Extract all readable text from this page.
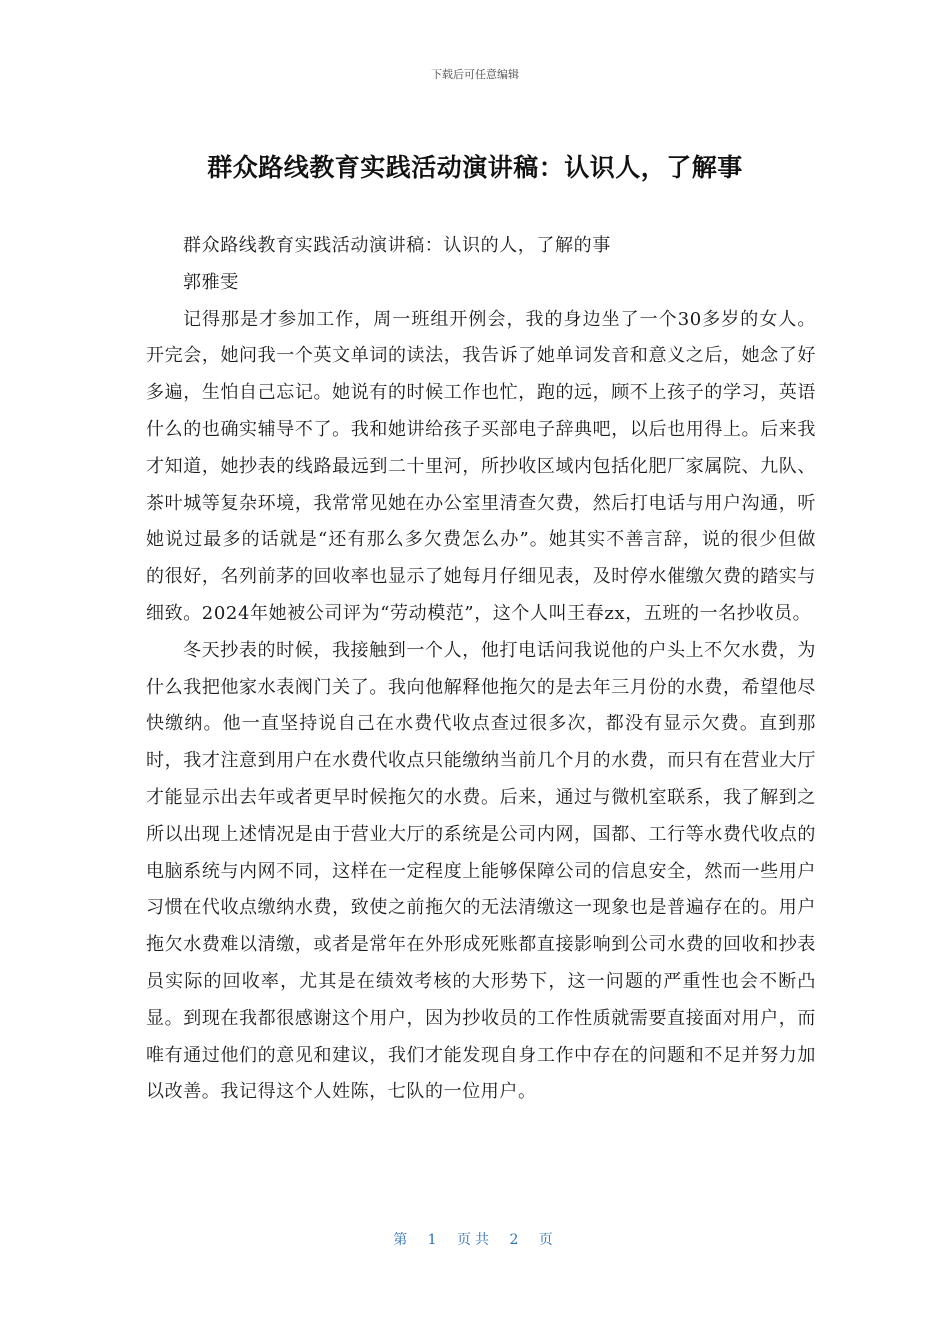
下载后可任意编辑
群众路线教育实践活动演讲稿：认识人，了解事

群众路线教育实践活动演讲稿：认识的人，了解的事

郭雅雯

记得那是才参加工作，周一班组开例会，我的身边坐了一个30多岁的女人。开完会，她问我一个英文单词的读法，我告诉了她单词发音和意义之后，她念了好多遍，生怕自己忘记。她说有的时候工作也忙，跑的远，顾不上孩子的学习，英语什么的也确实辅导不了。我和她讲给孩子买部电子辞典吧，以后也用得上。后来我才知道，她抄表的线路最远到二十里河，所抄收区域内包括化肥厂家属院、九队、茶叶城等复杂环境，我常常见她在办公室里清查欠费，然后打电话与用户沟通，听她说过最多的话就是“还有那么多欠费怎么办”。她其实不善言辞，说的很少但做的很好，名列前茅的回收率也显示了她每月仔细见表，及时停水催缴欠费的踏实与细致。2024年她被公司评为“劳动模范”，这个人叫王春zx，五班的一名抄收员。

冬天抄表的时候，我接触到一个人，他打电话问我说他的户头上不欠水费，为什么我把他家水表阀门关了。我向他解释他拖欠的是去年三月份的水费，希望他尽快缴纳。他一直坚持说自己在水费代收点查过很多次，都没有显示欠费。直到那时，我才注意到用户在水费代收点只能缴纳当前几个月的水费，而只有在营业大厅才能显示出去年或者更早时候拖欠的水费。后来，通过与微机室联系，我了解到之所以出现上述情况是由于营业大厅的系统是公司内网，国都、工行等水费代收点的电脑系统与内网不同，这样在一定程度上能够保障公司的信息安全，然而一些用户习惯在代收点缴纳水费，致使之前拖欠的无法清缴这一现象也是普遍存在的。用户拖欠水费难以清缴，或者是常年在外形成死账都直接影响到公司水费的回收和抄表员实际的回收率，尤其是在绩效考核的大形势下，这一问题的严重性也会不断凸显。到现在我都很感谢这个用户，因为抄收员的工作性质就需要直接面对用户，而唯有通过他们的意见和建议，我们才能发现自身工作中存在的问题和不足并努力加以改善。我记得这个人姓陈，七队的一位用户。

第 1 页共 2 页
